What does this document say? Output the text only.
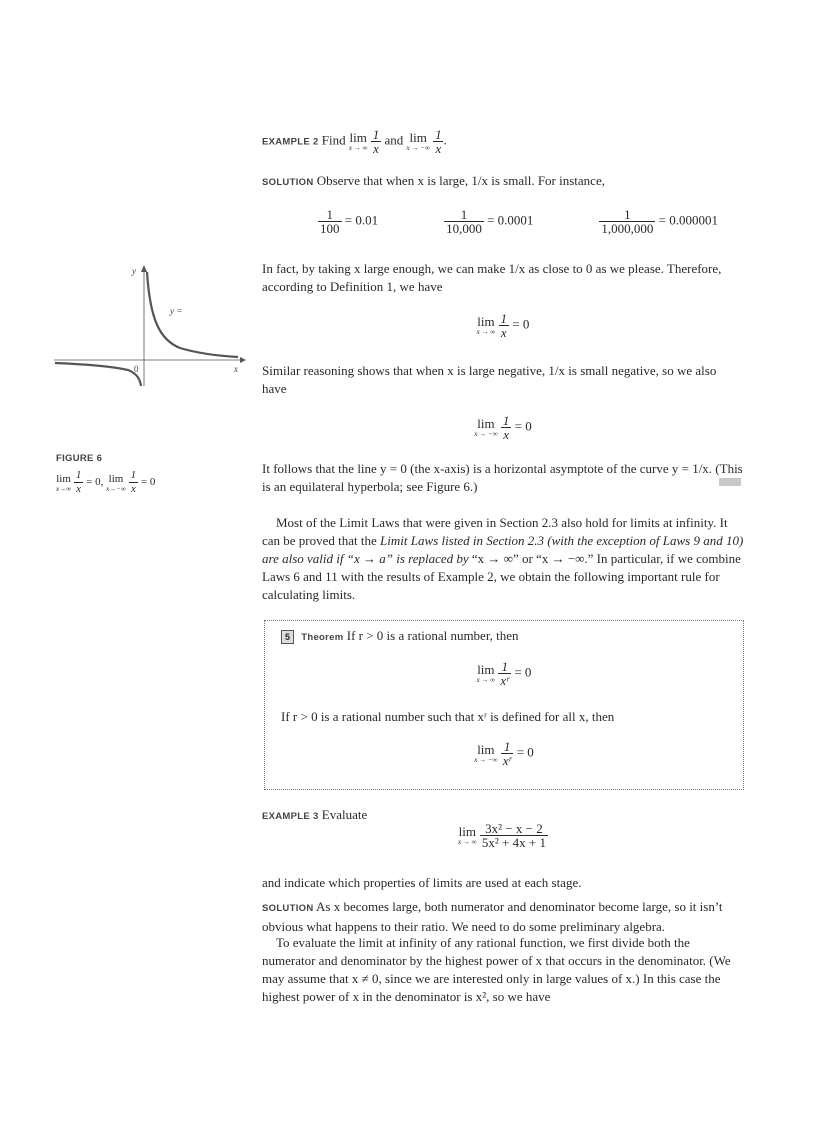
EXAMPLE 2 Find lim
x → ∞
$\frac{1}{x}$ and lim
x → −∞
$\frac{1}{x}$ .
SOLUTION Observe that when x is large, 1/x is small. For instance,
$\frac{1}{100} = 0.01$	$\frac{1}{10,000} = 0.0001$	$\frac{1}{1,000,000} = 0.000001$
In fact, by taking x large enough, we can make 1/x as close to 0 as we please. Therefore, according to Definition 1, we have
lim
x → ∞
$\frac{1}{x} = 0$
Similar reasoning shows that when x is large negative, 1/x is small negative, so we also have
lim
x → −∞
$\frac{1}{x} = 0$
It follows that the line y = 0 (the x-axis) is a horizontal asymptote of the curve y = 1/x. (This is an equilateral hyperbola; see Figure 6.)
Most of the Limit Laws that were given in Section 2.3 also hold for limits at infinity. It can be proved that the Limit Laws listed in Section 2.3 (with the exception of Laws 9 and 10) are also valid if “x → a” is replaced by “x → ∞” or “x → −∞.” In particular, if we combine Laws 6 and 11 with the results of Example 2, we obtain the following important rule for calculating limits.
5 Theorem If r > 0 is a rational number, then
lim
x → ∞
$\frac{1}{\text{xʳ}} = 0$
If r > 0 is a rational number such that xʳ is defined for all x, then
lim
x → −∞
$\frac{1}{\text{xʳ}} = 0$
EXAMPLE 3 Evaluate
lim
x → ∞
$\frac{\text{3x² − x − 2}}{\text{5x² + 4x + 1}}$
and indicate which properties of limits are used at each stage.
SOLUTION As x becomes large, both numerator and denominator become large, so it isn’t obvious what happens to their ratio. We need to do some preliminary algebra.
To evaluate the limit at infinity of any rational function, we first divide both the numerator and denominator by the highest power of x that occurs in the denominator. (We may assume that x ≠ 0, since we are interested only in large values of x.) In this case the highest power of x in the denominator is x², so we have
y
x
0
y =
FIGURE 6
lim
x→∞
$\frac{1}{x} = 0$, lim
x→−∞
$\frac{1}{x} = 0$
